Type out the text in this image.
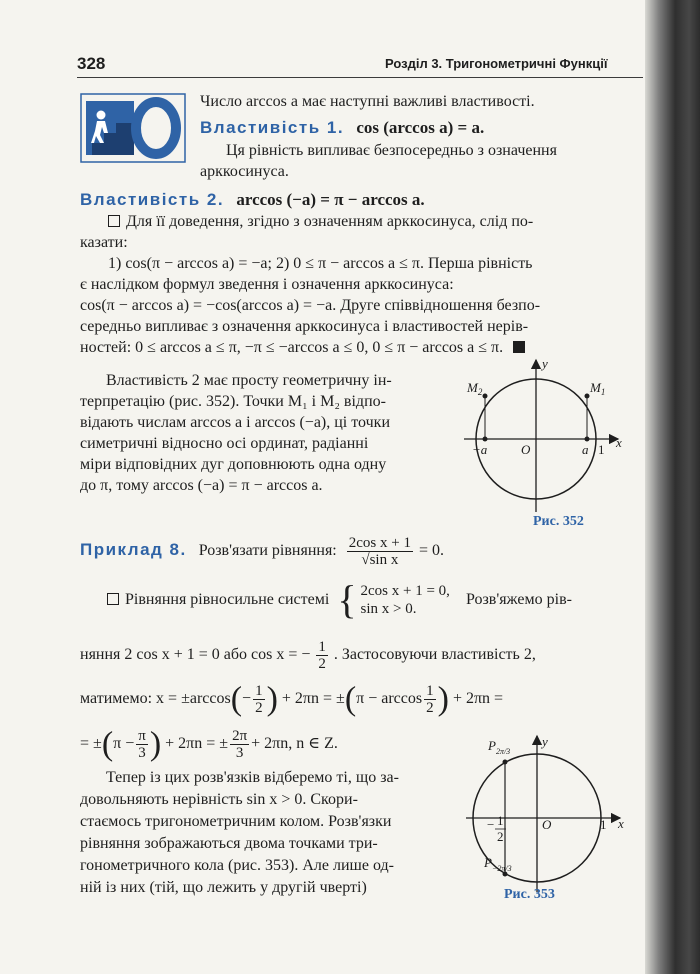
328	Розділ 3. Тригонометричні Функції
Число arccos a має наступні важливі властивості.
Властивість 1. cos (arccos a) = a.
Ця рівність випливає безпосередньо з означення
арккосинуса.
Властивість 2. arccos (−a) = π − arccos a.
Для її доведення, згідно з означенням арккосинуса, слід по-
казати:
1) cos(π − arccos a) = −a; 2) 0 ≤ π − arccos a ≤ π. Перша рівність
є наслідком формул зведення і означення арккосинуса:
cos(π − arccos a) = −cos(arccos a) = −a. Друге співвідношення безпо-
середньо випливає з означення арккосинуса і властивостей нерів-
ностей: 0 ≤ arccos a ≤ π, −π ≤ −arccos a ≤ 0, 0 ≤ π − arccos a ≤ π.
Властивість 2 має просту геометричну ін-
терпретацію (рис. 352). Точки M₁ і M₂ відпо-
відають числам arccos a і arccos (−a), ці точки
симетричні відносно осі ординат, радіанні
міри відповідних дуг доповнюють одна одну
до π, тому arccos (−a) = π − arccos a.
y
x
O
$M_2$	$M_1$
−a	a 1
Рис. 352
Приклад 8. Розв'язати рівняння: $\frac{\text{2cos x + 1}}{\text{√sin x}} = 0$.
Рівняння рівносильне системі { 2cos x + 1 = 0,
sin x > 0.
Розв'яжемо рів-
няння 2 cos x + 1 = 0 або cos x = − $\frac{1}{2}$ . Застосовуючи властивість 2,
матимемо: $x = \pm\arccos(- \frac{1}{2}$ ) + $2\pi n = \pm(\pi - \arccos \frac{1}{2}$ ) + 2πn =
= $\pm(\pi - \frac{\pi}{3}$ ) + 2πn = ± $\frac{2\pi}{3} + 2\pi n$, n ∈ Z.
Тепер із цих розв'язків відберемо ті, що за-
довольняють нерівність sin x > 0. Скори-
стаємось тригонометричним колом. Розв'язки
рівняння зображаються двома точками три-
гонометричного кола (рис. 353). Але лише од-
ній із них (тій, що лежить у другій чверті)
y
x
O	1
$P_{2\pi/3}$
$P_{-2\pi/3}$
− 1
2
Рис. 353
